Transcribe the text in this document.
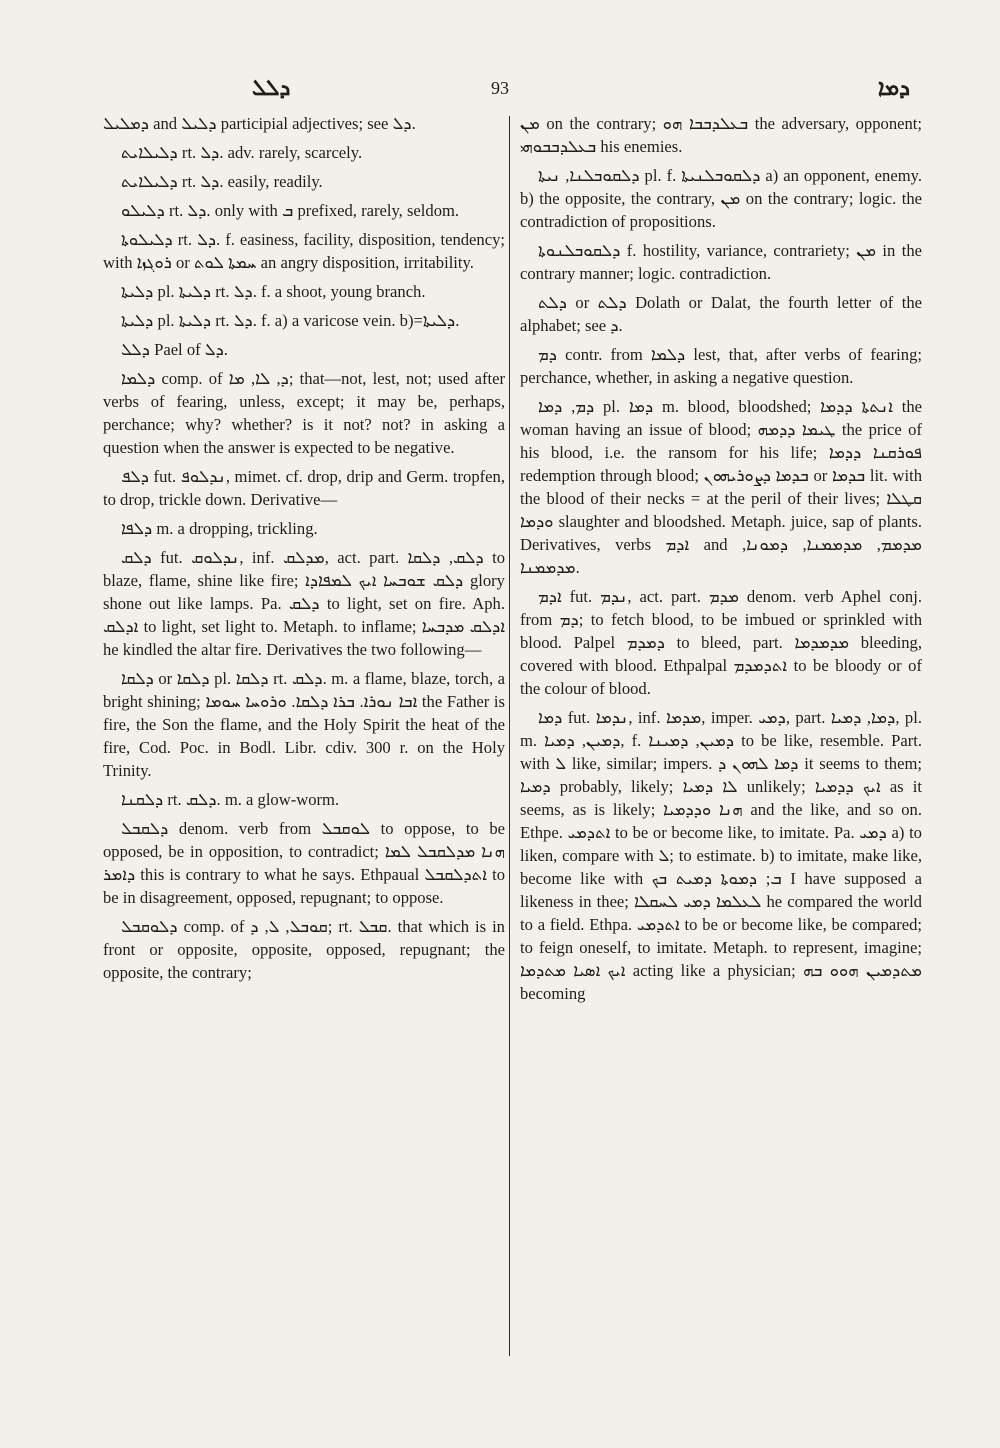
ܕܠܠ	93	ܕܡܐ

ܕܡܠܝܠ and ܕܠܝܠ participial adjectives; see ܕܠ.

ܕܠܝܠܐܝܬ rt. ܕܠ. adv. rarely, scarcely.

ܕܠܝܠܐܝܬ rt. ܕܠ. easily, readily.

ܕܠܝܠܘ rt. ܕܠ. only with ܒ prefixed, rarely, seldom.

ܕܠܝܠܘܬܐ rt. ܕܠ. f. easiness, facility, disposition, tendency; with ܪܘܓܙܐ or ܚܡܬܐ ܠܘܬ an angry disposition, irritability.

ܕܠܝܬܐ pl. ܕܠܝܬܐ rt. ܕܠ. f. a shoot, young branch.

ܕܠܝܬܐ pl. ܕܠܝܬܐ rt. ܕܠ. f. a) a varicose vein. b)=ܕܠܝܬܐ.

ܕܠܠ Pael of ܕܠ.

ܕܠܡܐ comp. of ܕ, ܠܐ, ܡܐ; that—not, lest, not; used after verbs of fearing, unless, except; it may be, perhaps, perchance; why? whether? is it not? not? in asking a question when the answer is expected to be negative.

ܕܠܦ fut. ܢܕܠܘܦ, mimet. cf. drop, drip and Germ. tropfen, to drop, trickle down. Derivative—

ܕܠܦܐ m. a dropping, trickling.

ܕܠܩ fut. ܢܕܠܘܩ, inf. ܡܕܠܩ, act. part. ܕܠܩ, ܕܠܩܐ to blaze, flame, shine like fire; ܕܠܩ ܫܘܒܚܐ ܐܝܟ ܠܡܦܐܕܐ glory shone out like lamps. Pa. ܕܠܩ to light, set on fire. Aph. ܐܕܠܩ to light, set light to. Metaph. to inflame; ܐܕܠܩ ܡܕܒܚܐ he kindled the altar fire. Derivatives the two following—

ܕܠܩܐ or ܕܠܩܐ pl. ܕܠܩܐ rt. ܕܠܩ. m. a flame, blaze, torch, a bright shining; ܐܒܐ ܢܘܪܐ. ܒܪܐ ܕܠܩܐ. ܘܪܘܚܐ ܚܘܡܐ the Father is fire, the Son the flame, and the Holy Spirit the heat of the fire, Cod. Poc. in Bodl. Libr. cdiv. 300 r. on the Holy Trinity.

ܕܠܩܢܐ rt. ܕܠܩ. m. a glow-worm.

ܕܠܩܒܠ denom. verb from ܠܘܩܒܠ to oppose, to be opposed, be in opposition, to contradict; ܗܢܐ ܡܕܠܩܒܠ ܠܡܐ ܕܐܡܪ this is contrary to what he says. Ethpaual ܐܬܕܠܩܒܠ to be in disagreement, opposed, repugnant; to oppose.

ܕܠܘܩܒܠ comp. of ܩܘܒܠ, ܠ, ܕ; rt. ܩܒܠ. that which is in front or opposite, opposite, opposed, repugnant; the opposite, the contrary;

ܡܢ on the contrary; ܒܥܠܕܒܒܐ ܗܘ the adversary, opponent; ܒܥܠܕܒܒܘܗܝ his enemies.

ܕܠܩܘܒܠܢܐ, ܢܝܬܐ pl. f. ܕܠܩܘܒܠܢܝܬܐ a) an opponent, enemy. b) the opposite, the contrary, ܡܢ on the contrary; logic. the contradiction of propositions.

ܕܠܩܘܒܠܢܘܬܐ f. hostility, variance, contrariety; ܡܢ in the contrary manner; logic. contradiction.

ܕܠܬ or ܕܠܬ Dolath or Dalat, the fourth letter of the alphabet; see ܕ.

ܕܡ contr. from ܕܠܡܐ lest, that, after verbs of fearing; perchance, whether, in asking a negative question.

ܕܡ, ܕܡܐ pl. ܕܡܐ m. blood, bloodshed; ܐܢܬܬܐ ܕܕܡܐ the woman having an issue of blood; ܛܝܡܐ ܕܕܡܗ the price of his blood, i.e. the ransom for his life; ܦܘܪܩܢܐ ܕܕܡܐ redemption through blood; ܒܕܡܐ ܕܨܘܪܝܗܘܢ or ܒܕܡܐ lit. with the blood of their necks = at the peril of their lives; ܩܛܠܐ ܘܕܡܐ slaughter and bloodshed. Metaph. juice, sap of plants. Derivatives, verbs ܐܕܡ and ܡܕܡܡ, ܡܕܡܡܢܐ, ܕܡܘܢܐ, ܡܕܡܡܢܐ.

ܐܕܡ fut. ܢܕܡ, act. part. ܡܕܡ denom. verb Aphel conj. from ܕܡ; to fetch blood, to be imbued or sprinkled with blood. Palpel ܕܡܕܡ to bleed, part. ܡܕܡܕܡܐ bleeding, covered with blood. Ethpalpal ܐܬܕܡܕܡ to be bloody or of the colour of blood.

ܕܡܐ fut. ܢܕܡܐ, inf. ܡܕܡܐ, imper. ܕܡܝ, part. ܕܡܐ, ܕܡܝܐ, pl. m. ܕܡܝܢ, ܕܡܝܐ, f. ܕܡܝܢ, ܕܡܝܢܐ to be like, resemble. Part. with ܠ like, similar; impers. ܕܡܐ ܠܗܘܢ ܕ it seems to them; ܕܡܝܐ probably, likely; ܠܐ ܕܡܝܐ unlikely; ܐܝܟ ܕܕܡܝܐ as it seems, as is likely; ܗܢܐ ܘܕܕܡܝܐ and the like, and so on. Ethpe. ܐܬܕܡܝ to be or become like, to imitate. Pa. ܕܡܝ a) to liken, compare with ܠ; to estimate. b) to imitate, make like, become like with ܒ; ܕܡܘܬܐ ܕܡܝܬ ܒܟ I have supposed a likeness in thee; ܠܥܠܡܐ ܕܡܝ ܠܚܩܠܐ he compared the world to a field. Ethpa. ܐܬܕܡܝ to be or become like, be compared; to feign oneself, to imitate. Metaph. to represent, imagine; ܐܝܟ ܐܣܝܐ ܡܬܕܡܐ acting like a physician; ܡܬܕܡܝܢ ܗܘܘ ܒܗ becoming
